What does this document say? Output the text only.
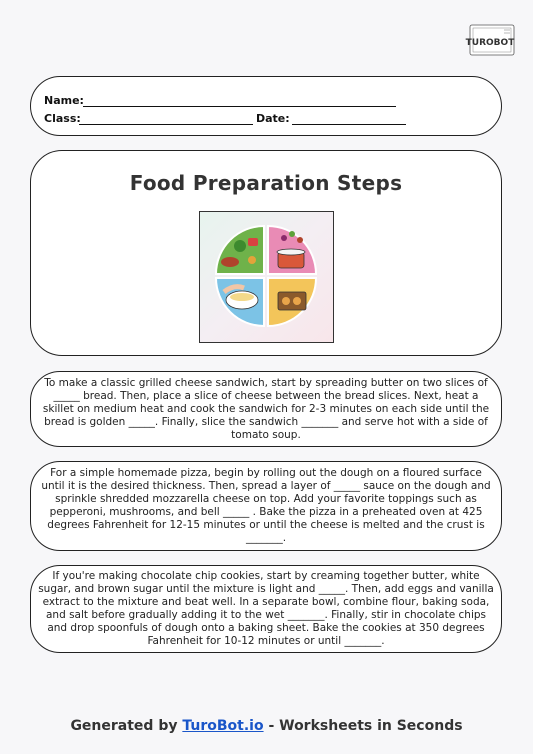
TUROBOT
Name:
Class:	Date:
Food Preparation Steps

To make a classic grilled cheese sandwich, start by spreading butter on two slices of _____ bread. Then, place a slice of cheese between the bread slices. Next, heat a skillet on medium heat and cook the sandwich for 2-3 minutes on each side until the bread is golden _____. Finally, slice the sandwich _______ and serve hot with a side of tomato soup.

For a simple homemade pizza, begin by rolling out the dough on a floured surface until it is the desired thickness. Then, spread a layer of _____ sauce on the dough and sprinkle shredded mozzarella cheese on top. Add your favorite toppings such as pepperoni, mushrooms, and bell _____ . Bake the pizza in a preheated oven at 425 degrees Fahrenheit for 12-15 minutes or until the cheese is melted and the crust is _______.

If you're making chocolate chip cookies, start by creaming together butter, white sugar, and brown sugar until the mixture is light and _____. Then, add eggs and vanilla extract to the mixture and beat well. In a separate bowl, combine flour, baking soda, and salt before gradually adding it to the wet _______. Finally, stir in chocolate chips and drop spoonfuls of dough onto a baking sheet. Bake the cookies at 350 degrees Fahrenheit for 10-12 minutes or until _______.

Generated by TuroBot.io - Worksheets in Seconds
